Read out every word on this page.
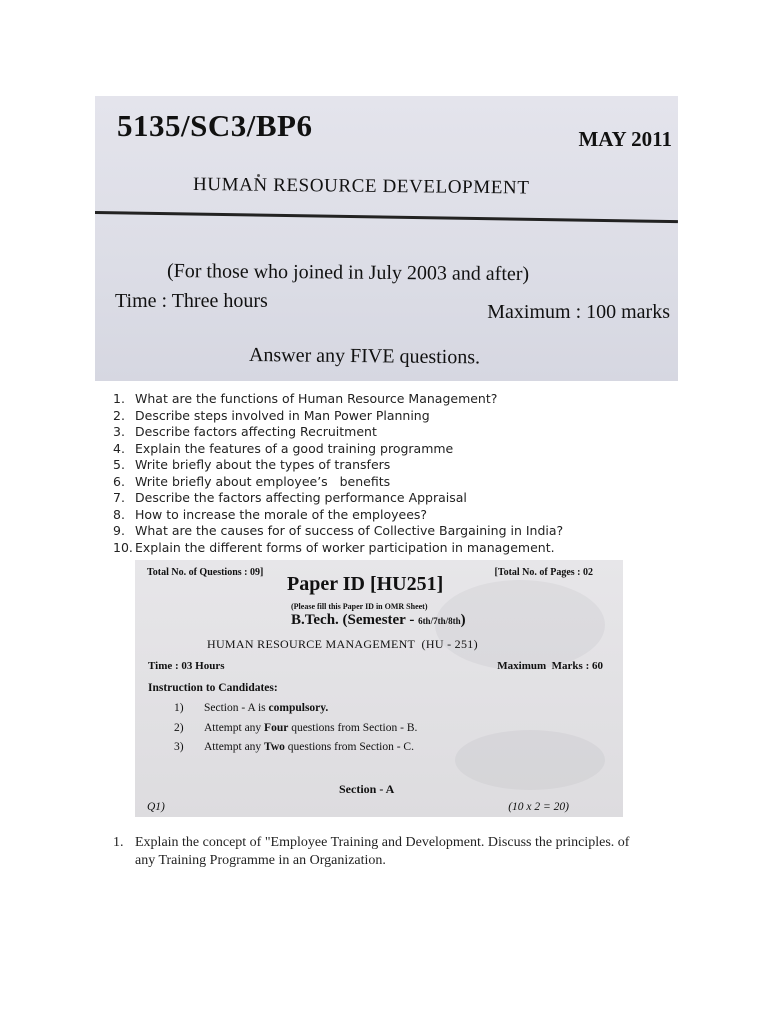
5135/SC3/BP6	MAY 2011
HUMAN RESOURCE DEVELOPMENT
(For those who joined in July 2003 and after)
Time : Three hours	Maximum : 100 marks
Answer any FIVE questions.
1. What are the functions of Human Resource Management?
2. Describe steps involved in Man Power Planning
3. Describe factors affecting Recruitment
4. Explain the features of a good training programme
5. Write briefly about the types of transfers
6. Write briefly about employee’s   benefits
7. Describe the factors affecting performance Appraisal
8. How to increase the morale of the employees?
9. What are the causes for of success of Collective Bargaining in India?
10. Explain the different forms of worker participation in management.
Total No. of Questions : 09]	[Total No. of Pages : 02
Paper ID [HU251]
(Please fill this Paper ID in OMR Sheet)
B.Tech. (Semester - 6th/7th/8th)
HUMAN RESOURCE MANAGEMENT  (HU - 251)
Time : 03 Hours	Maximum  Marks : 60
Instruction to Candidates:
1) Section - A is compulsory.
2) Attempt any Four questions from Section - B.
3) Attempt any Two questions from Section - C.
Section - A
Q1)	(10 x 2 = 20)
1. Explain the concept of "Employee Training and Development. Discuss the principles. of any Training Programme in an Organization.
